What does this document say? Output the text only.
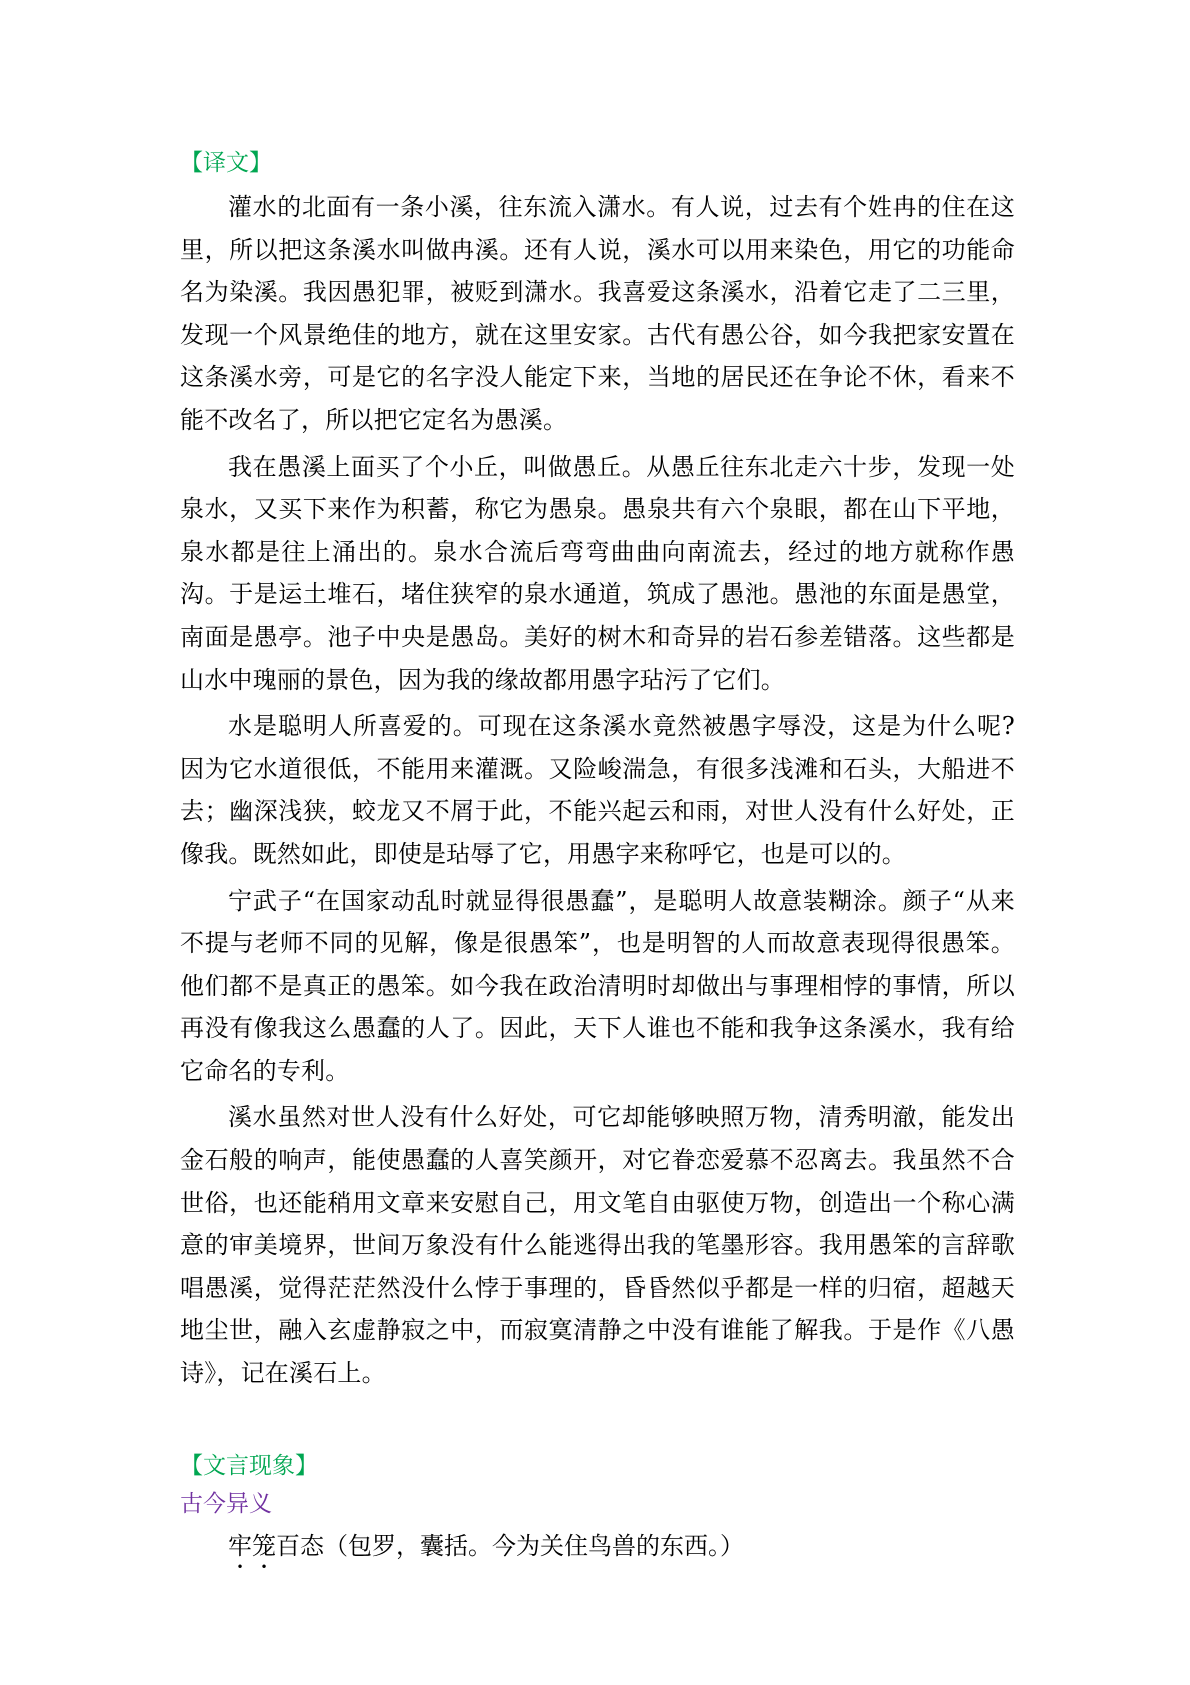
【译文】

灌水的北面有一条小溪，往东流入潇水。有人说，过去有个姓冉的住在这里，所以把这条溪水叫做冉溪。还有人说，溪水可以用来染色，用它的功能命名为染溪。我因愚犯罪，被贬到潇水。我喜爱这条溪水，沿着它走了二三里，发现一个风景绝佳的地方，就在这里安家。古代有愚公谷，如今我把家安置在这条溪水旁，可是它的名字没人能定下来，当地的居民还在争论不休，看来不能不改名了，所以把它定名为愚溪。

我在愚溪上面买了个小丘，叫做愚丘。从愚丘往东北走六十步，发现一处泉水，又买下来作为积蓄，称它为愚泉。愚泉共有六个泉眼，都在山下平地，泉水都是往上涌出的。泉水合流后弯弯曲曲向南流去，经过的地方就称作愚沟。于是运土堆石，堵住狭窄的泉水通道，筑成了愚池。愚池的东面是愚堂，南面是愚亭。池子中央是愚岛。美好的树木和奇异的岩石参差错落。这些都是山水中瑰丽的景色，因为我的缘故都用愚字玷污了它们。

水是聪明人所喜爱的。可现在这条溪水竟然被愚字辱没，这是为什么呢?因为它水道很低，不能用来灌溉。又险峻湍急，有很多浅滩和石头，大船进不去；幽深浅狭，蛟龙又不屑于此，不能兴起云和雨，对世人没有什么好处，正像我。既然如此，即使是玷辱了它，用愚字来称呼它，也是可以的。

宁武子“在国家动乱时就显得很愚蠢”，是聪明人故意装糊涂。颜子“从来不提与老师不同的见解，像是很愚笨”，也是明智的人而故意表现得很愚笨。他们都不是真正的愚笨。如今我在政治清明时却做出与事理相悖的事情，所以再没有像我这么愚蠢的人了。因此，天下人谁也不能和我争这条溪水，我有给它命名的专利。

溪水虽然对世人没有什么好处，可它却能够映照万物，清秀明澈，能发出金石般的响声，能使愚蠢的人喜笑颜开，对它眷恋爱慕不忍离去。我虽然不合世俗，也还能稍用文章来安慰自己，用文笔自由驱使万物，创造出一个称心满意的审美境界，世间万象没有什么能逃得出我的笔墨形容。我用愚笨的言辞歌唱愚溪，觉得茫茫然没什么悖于事理的，昏昏然似乎都是一样的归宿，超越天地尘世，融入玄虚静寂之中，而寂寞清静之中没有谁能了解我。于是作《八愚诗》，记在溪石上。

【文言现象】

古今异义

牢笼百态（包罗，囊括。今为关住鸟兽的东西。）
